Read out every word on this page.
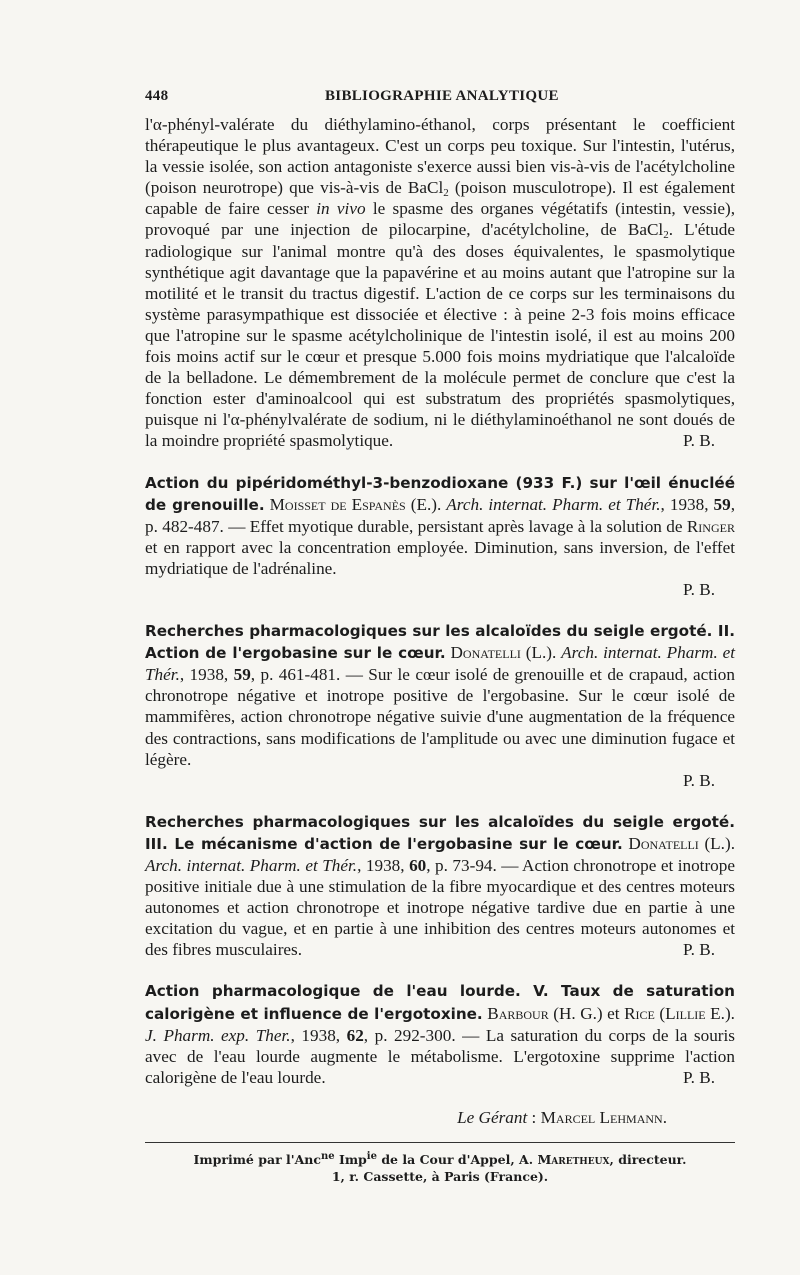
448	BIBLIOGRAPHIE ANALYTIQUE

l'α-phényl-valérate du diéthylamino-éthanol, corps présentant le coefficient thérapeutique le plus avantageux. C'est un corps peu toxique. Sur l'intestin, l'utérus, la vessie isolée, son action antagoniste s'exerce aussi bien vis-à-vis de l'acétylcholine (poison neurotrope) que vis-à-vis de BaCl$_2$ (poison musculotrope). Il est également capable de faire cesser in vivo le spasme des organes végétatifs (intestin, vessie), provoqué par une injection de pilocarpine, d'acétylcholine, de BaCl$_2$. L'étude radiologique sur l'animal montre qu'à des doses équivalentes, le spasmolytique synthétique agit davantage que la papavérine et au moins autant que l'atropine sur la motilité et le transit du tractus digestif. L'action de ce corps sur les terminaisons du système parasympathique est dissociée et élective : à peine 2-3 fois moins efficace que l'atropine sur le spasme acétylcholinique de l'intestin isolé, il est au moins 200 fois moins actif sur le cœur et presque 5.000 fois moins mydriatique que l'alcaloïde de la belladone. Le démembrement de la molécule permet de conclure que c'est la fonction ester d'aminoalcool qui est substratum des propriétés spasmolytiques, puisque ni l'α-phénylvalérate de sodium, ni le diéthylaminoéthanol ne sont doués de la moindre propriété spasmolytique.	P. B.

Action du pipéridométhyl-3-benzodioxane (933 F.) sur l'œil énucléé de grenouille. Moisset de Espanès (E.). Arch. internat. Pharm. et Thér., 1938, 59, p. 482-487. — Effet myotique durable, persistant après lavage à la solution de Ringer et en rapport avec la concentration employée. Diminution, sans inversion, de l'effet mydriatique de l'adrénaline.

P. B.

Recherches pharmacologiques sur les alcaloïdes du seigle ergoté. II. Action de l'ergobasine sur le cœur. Donatelli (L.). Arch. internat. Pharm. et Thér., 1938, 59, p. 461-481. — Sur le cœur isolé de grenouille et de crapaud, action chronotrope négative et inotrope positive de l'ergobasine. Sur le cœur isolé de mammifères, action chronotrope négative suivie d'une augmentation de la fréquence des contractions, sans modifications de l'amplitude ou avec une diminution fugace et légère.

P. B.

Recherches pharmacologiques sur les alcaloïdes du seigle ergoté. III. Le mécanisme d'action de l'ergobasine sur le cœur. Donatelli (L.). Arch. internat. Pharm. et Thér., 1938, 60, p. 73-94. — Action chronotrope et inotrope positive initiale due à une stimulation de la fibre myocardique et des centres moteurs autonomes et action chronotrope et inotrope négative tardive due en partie à une excitation du vague, et en partie à une inhibition des centres moteurs autonomes et des fibres musculaires.	P. B.

Action pharmacologique de l'eau lourde. V. Taux de saturation calorigène et influence de l'ergotoxine. Barbour (H. G.) et Rice (Lillie E.). J. Pharm. exp. Ther., 1938, 62, p. 292-300. — La saturation du corps de la souris avec de l'eau lourde augmente le métabolisme. L'ergotoxine supprime l'action calorigène de l'eau lourde.	P. B.

Le Gérant : Marcel Lehmann.

Imprimé par l'Anc$^{ne}$ Imp$^{ie}$ de la Cour d'Appel, A. Maretheux, directeur.
1, r. Cassette, à Paris (France).
